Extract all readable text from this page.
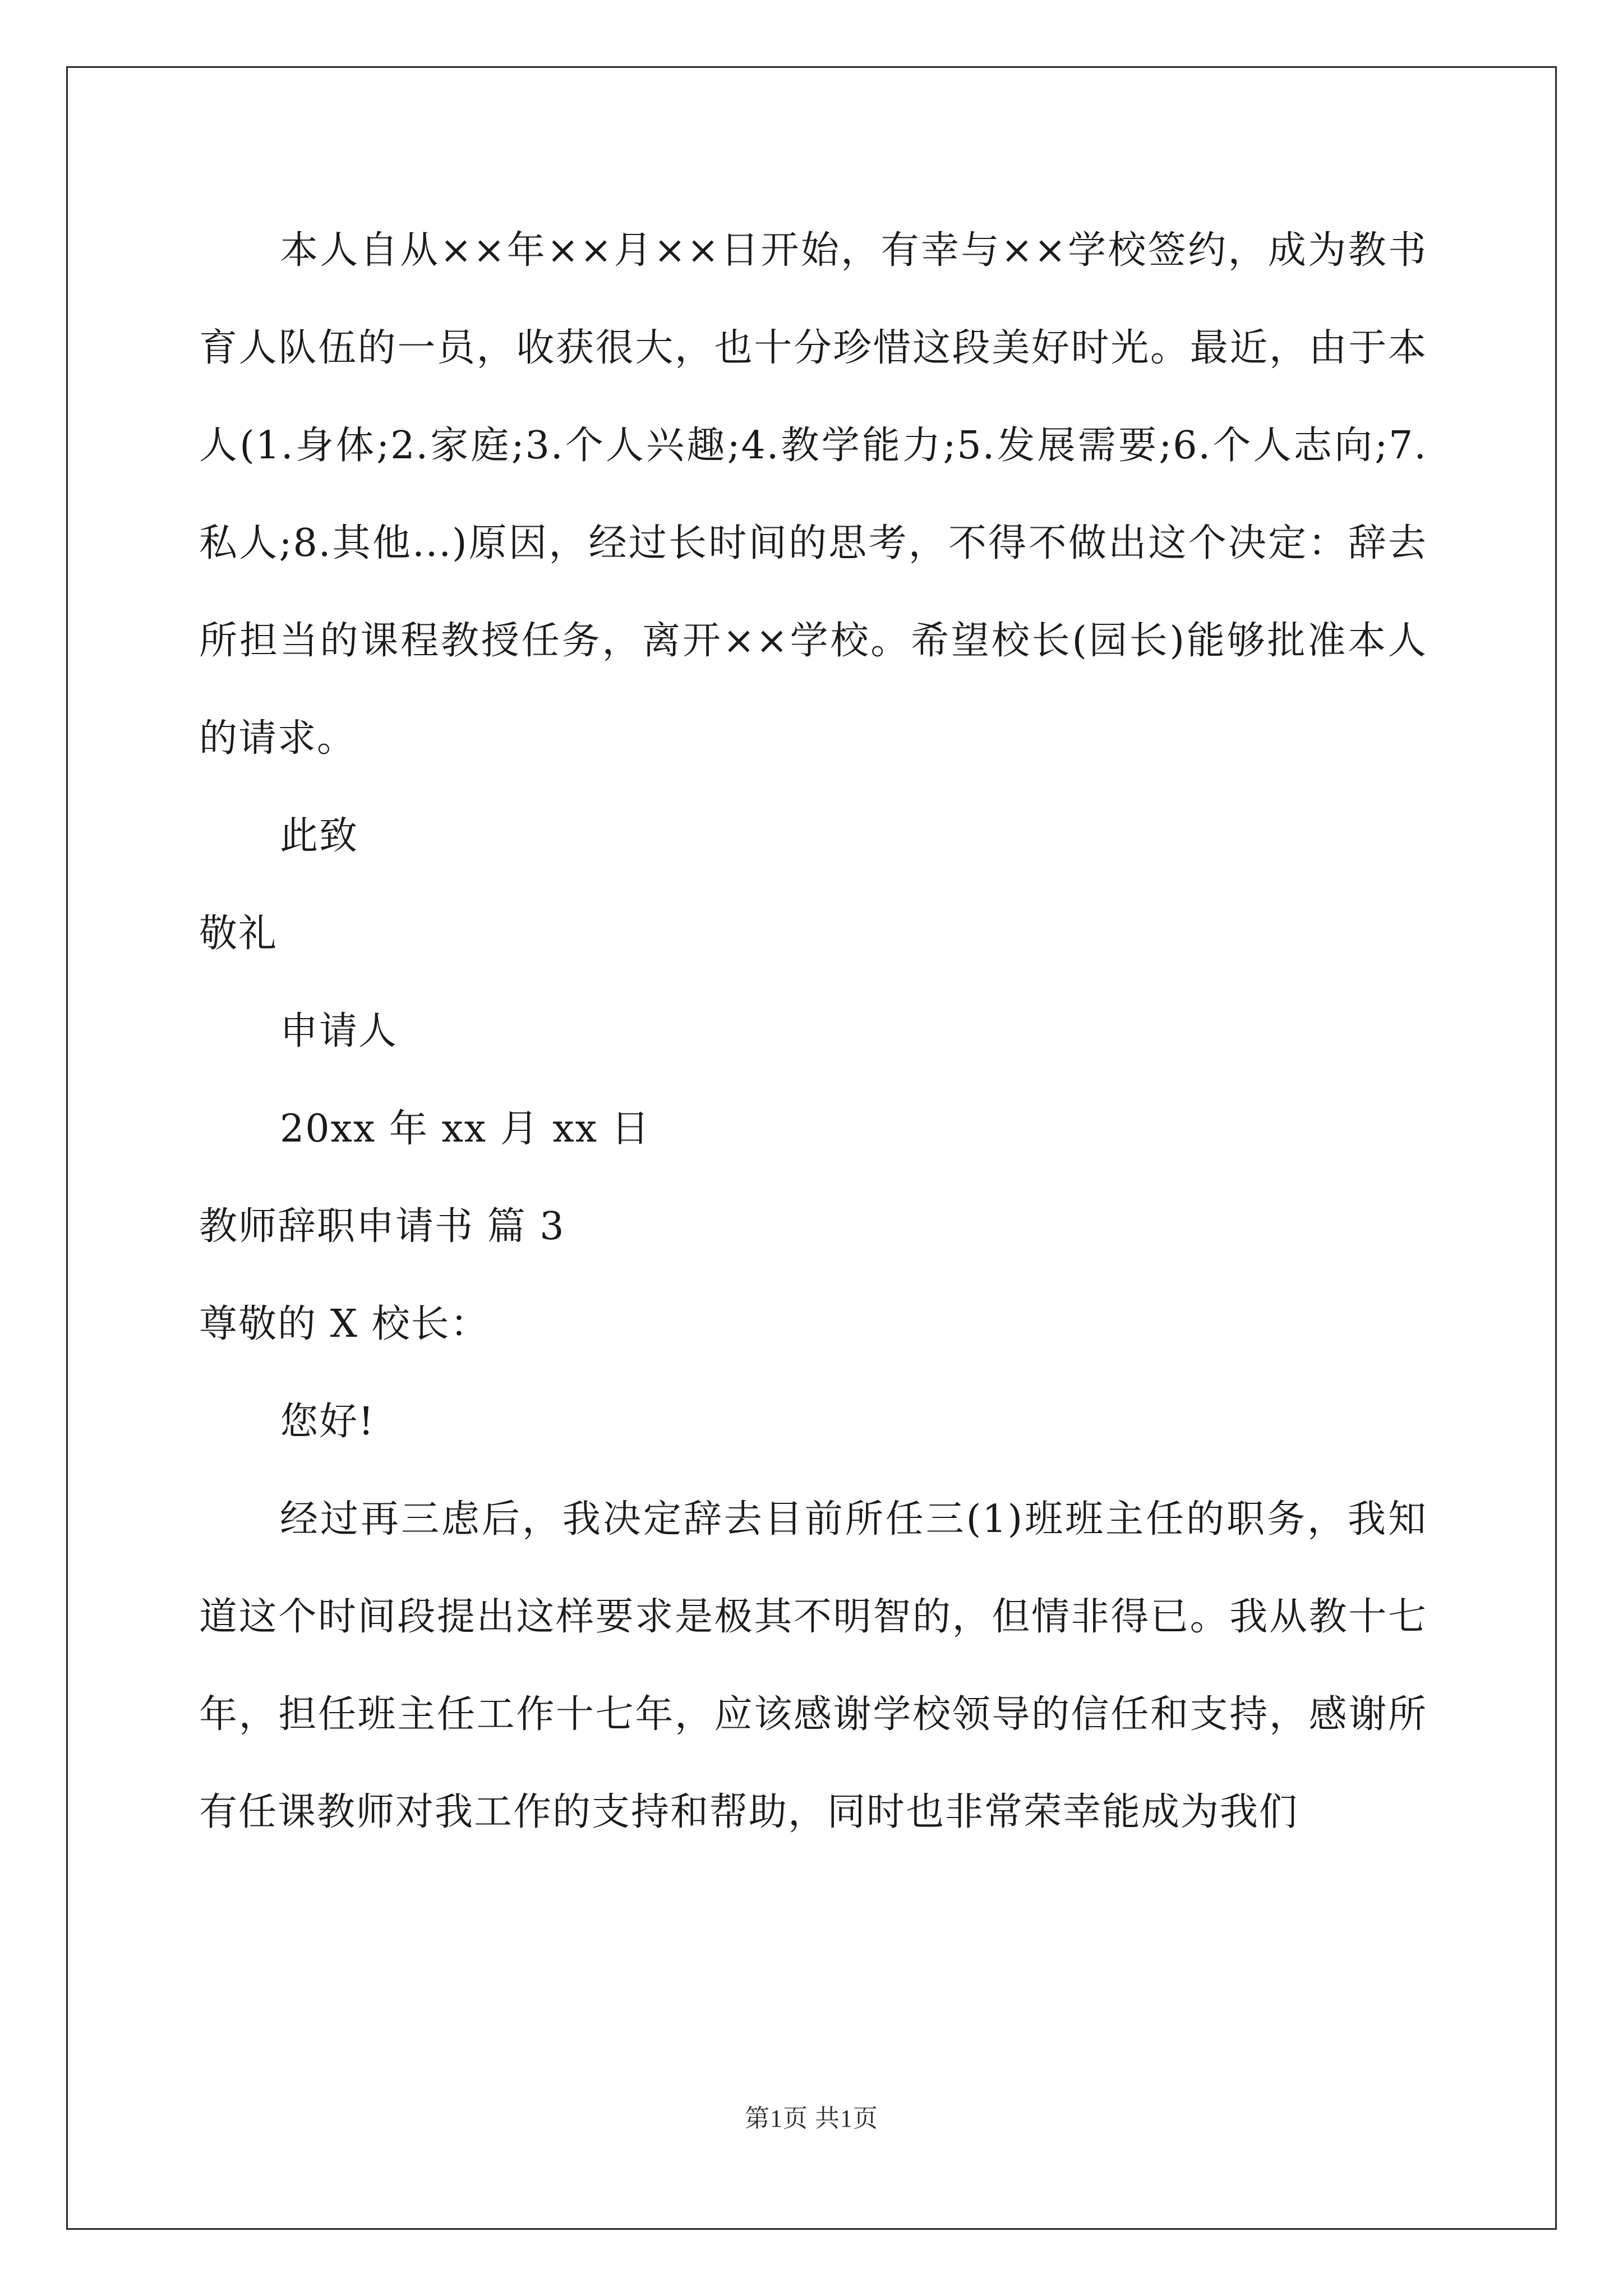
本人自从××年××月××日开始，有幸与××学校签约，成为教书育人队伍的一员，收获很大，也十分珍惜这段美好时光。最近，由于本人(1.身体;2.家庭;3.个人兴趣;4.教学能力;5.发展需要;6.个人志向;7.私人;8.其他...)原因，经过长时间的思考，不得不做出这个决定：辞去所担当的课程教授任务，离开××学校。希望校长(园长)能够批准本人的请求。

此致

敬礼

申请人

20xx 年 xx 月 xx 日

教师辞职申请书 篇 3

尊敬的 X 校长：

您好!

经过再三虑后，我决定辞去目前所任三(1)班班主任的职务，我知道这个时间段提出这样要求是极其不明智的，但情非得已。我从教十七年，担任班主任工作十七年，应该感谢学校领导的信任和支持，感谢所有任课教师对我工作的支持和帮助，同时也非常荣幸能成为我们

第1页 共1页
